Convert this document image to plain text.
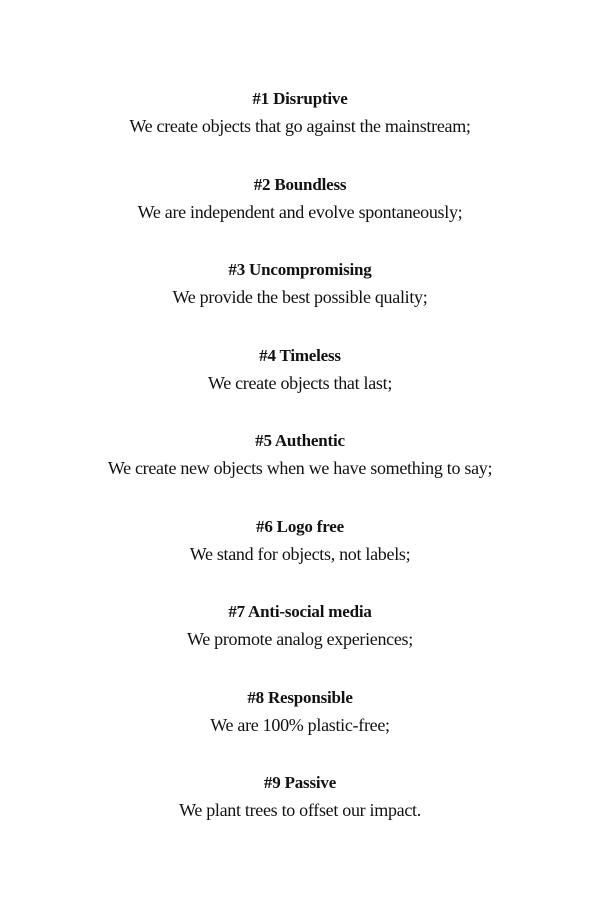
#1 Disruptive
We create objects that go against the mainstream;
#2 Boundless
We are independent and evolve spontaneously;
#3 Uncompromising
We provide the best possible quality;
#4 Timeless
We create objects that last;
#5 Authentic
We create new objects when we have something to say;
#6 Logo free
We stand for objects, not labels;
#7 Anti-social media
We promote analog experiences;
#8 Responsible
We are 100% plastic-free;
#9 Passive
We plant trees to offset our impact.
